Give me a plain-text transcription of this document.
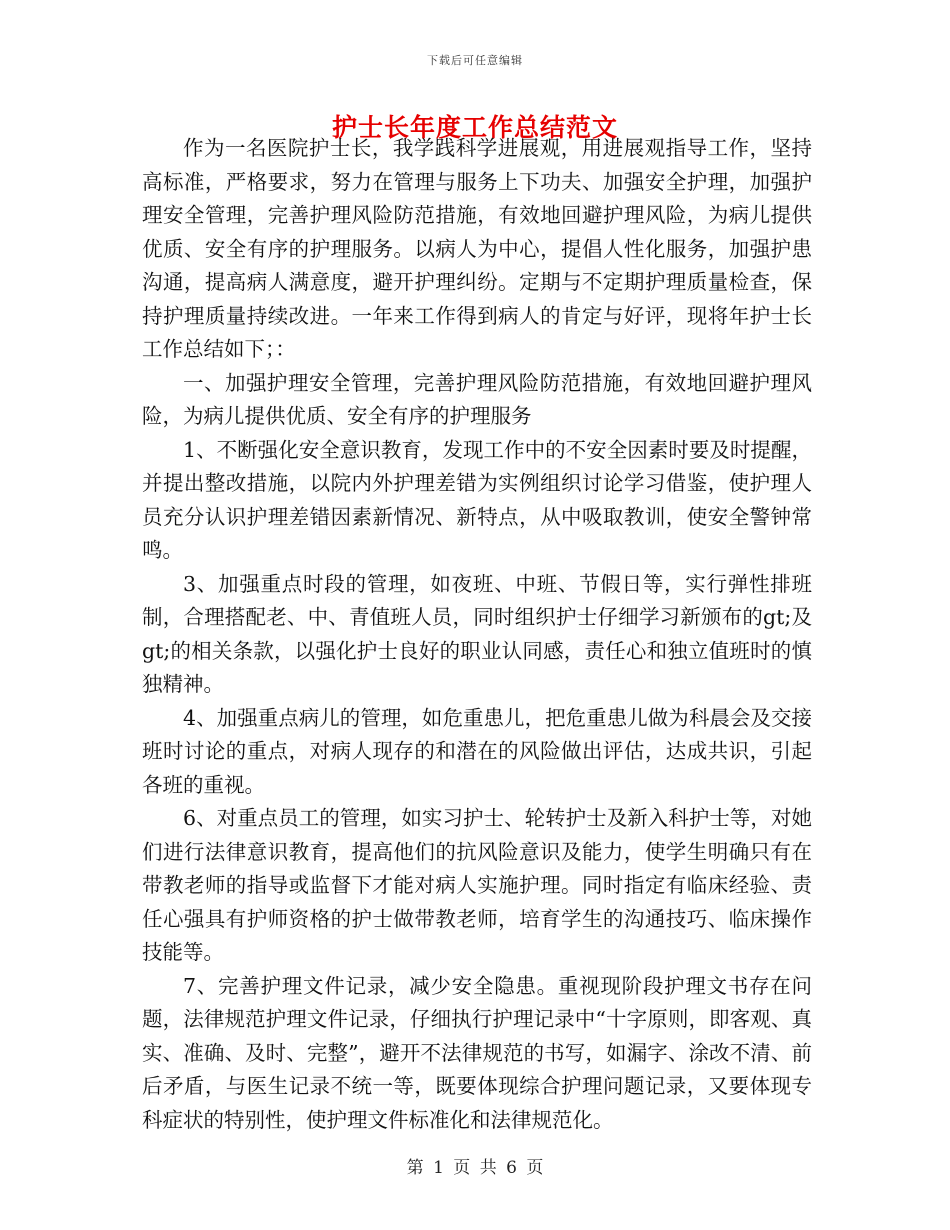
下载后可任意编辑
护士长年度工作总结范文

作为一名医院护士长，我学践科学进展观，用进展观指导工作，坚持高标准，严格要求，努力在管理与服务上下功夫、加强安全护理，加强护理安全管理，完善护理风险防范措施，有效地回避护理风险，为病儿提供优质、安全有序的护理服务。以病人为中心，提倡人性化服务，加强护患沟通，提高病人满意度，避开护理纠纷。定期与不定期护理质量检查，保持护理质量持续改进。一年来工作得到病人的肯定与好评，现将年护士长工作总结如下；：

一、加强护理安全管理，完善护理风险防范措施，有效地回避护理风险，为病儿提供优质、安全有序的护理服务

1、不断强化安全意识教育，发现工作中的不安全因素时要及时提醒，并提出整改措施，以院内外护理差错为实例组织讨论学习借鉴，使护理人员充分认识护理差错因素新情况、新特点，从中吸取教训，使安全警钟常鸣。

3、加强重点时段的管理，如夜班、中班、节假日等，实行弹性排班制，合理搭配老、中、青值班人员，同时组织护士仔细学习新颁布的gt;及gt;的相关条款，以强化护士良好的职业认同感，责任心和独立值班时的慎独精神。

4、加强重点病儿的管理，如危重患儿，把危重患儿做为科晨会及交接班时讨论的重点，对病人现存的和潜在的风险做出评估，达成共识，引起各班的重视。

6、对重点员工的管理，如实习护士、轮转护士及新入科护士等，对她们进行法律意识教育，提高他们的抗风险意识及能力，使学生明确只有在带教老师的指导或监督下才能对病人实施护理。同时指定有临床经验、责任心强具有护师资格的护士做带教老师，培育学生的沟通技巧、临床操作技能等。

7、完善护理文件记录，减少安全隐患。重视现阶段护理文书存在问题，法律规范护理文件记录，仔细执行护理记录中“十字原则，即客观、真实、准确、及时、完整”，避开不法律规范的书写，如漏字、涂改不清、前后矛盾，与医生记录不统一等，既要体现综合护理问题记录，又要体现专科症状的特别性，使护理文件标准化和法律规范化。

第 1 页 共 6 页
